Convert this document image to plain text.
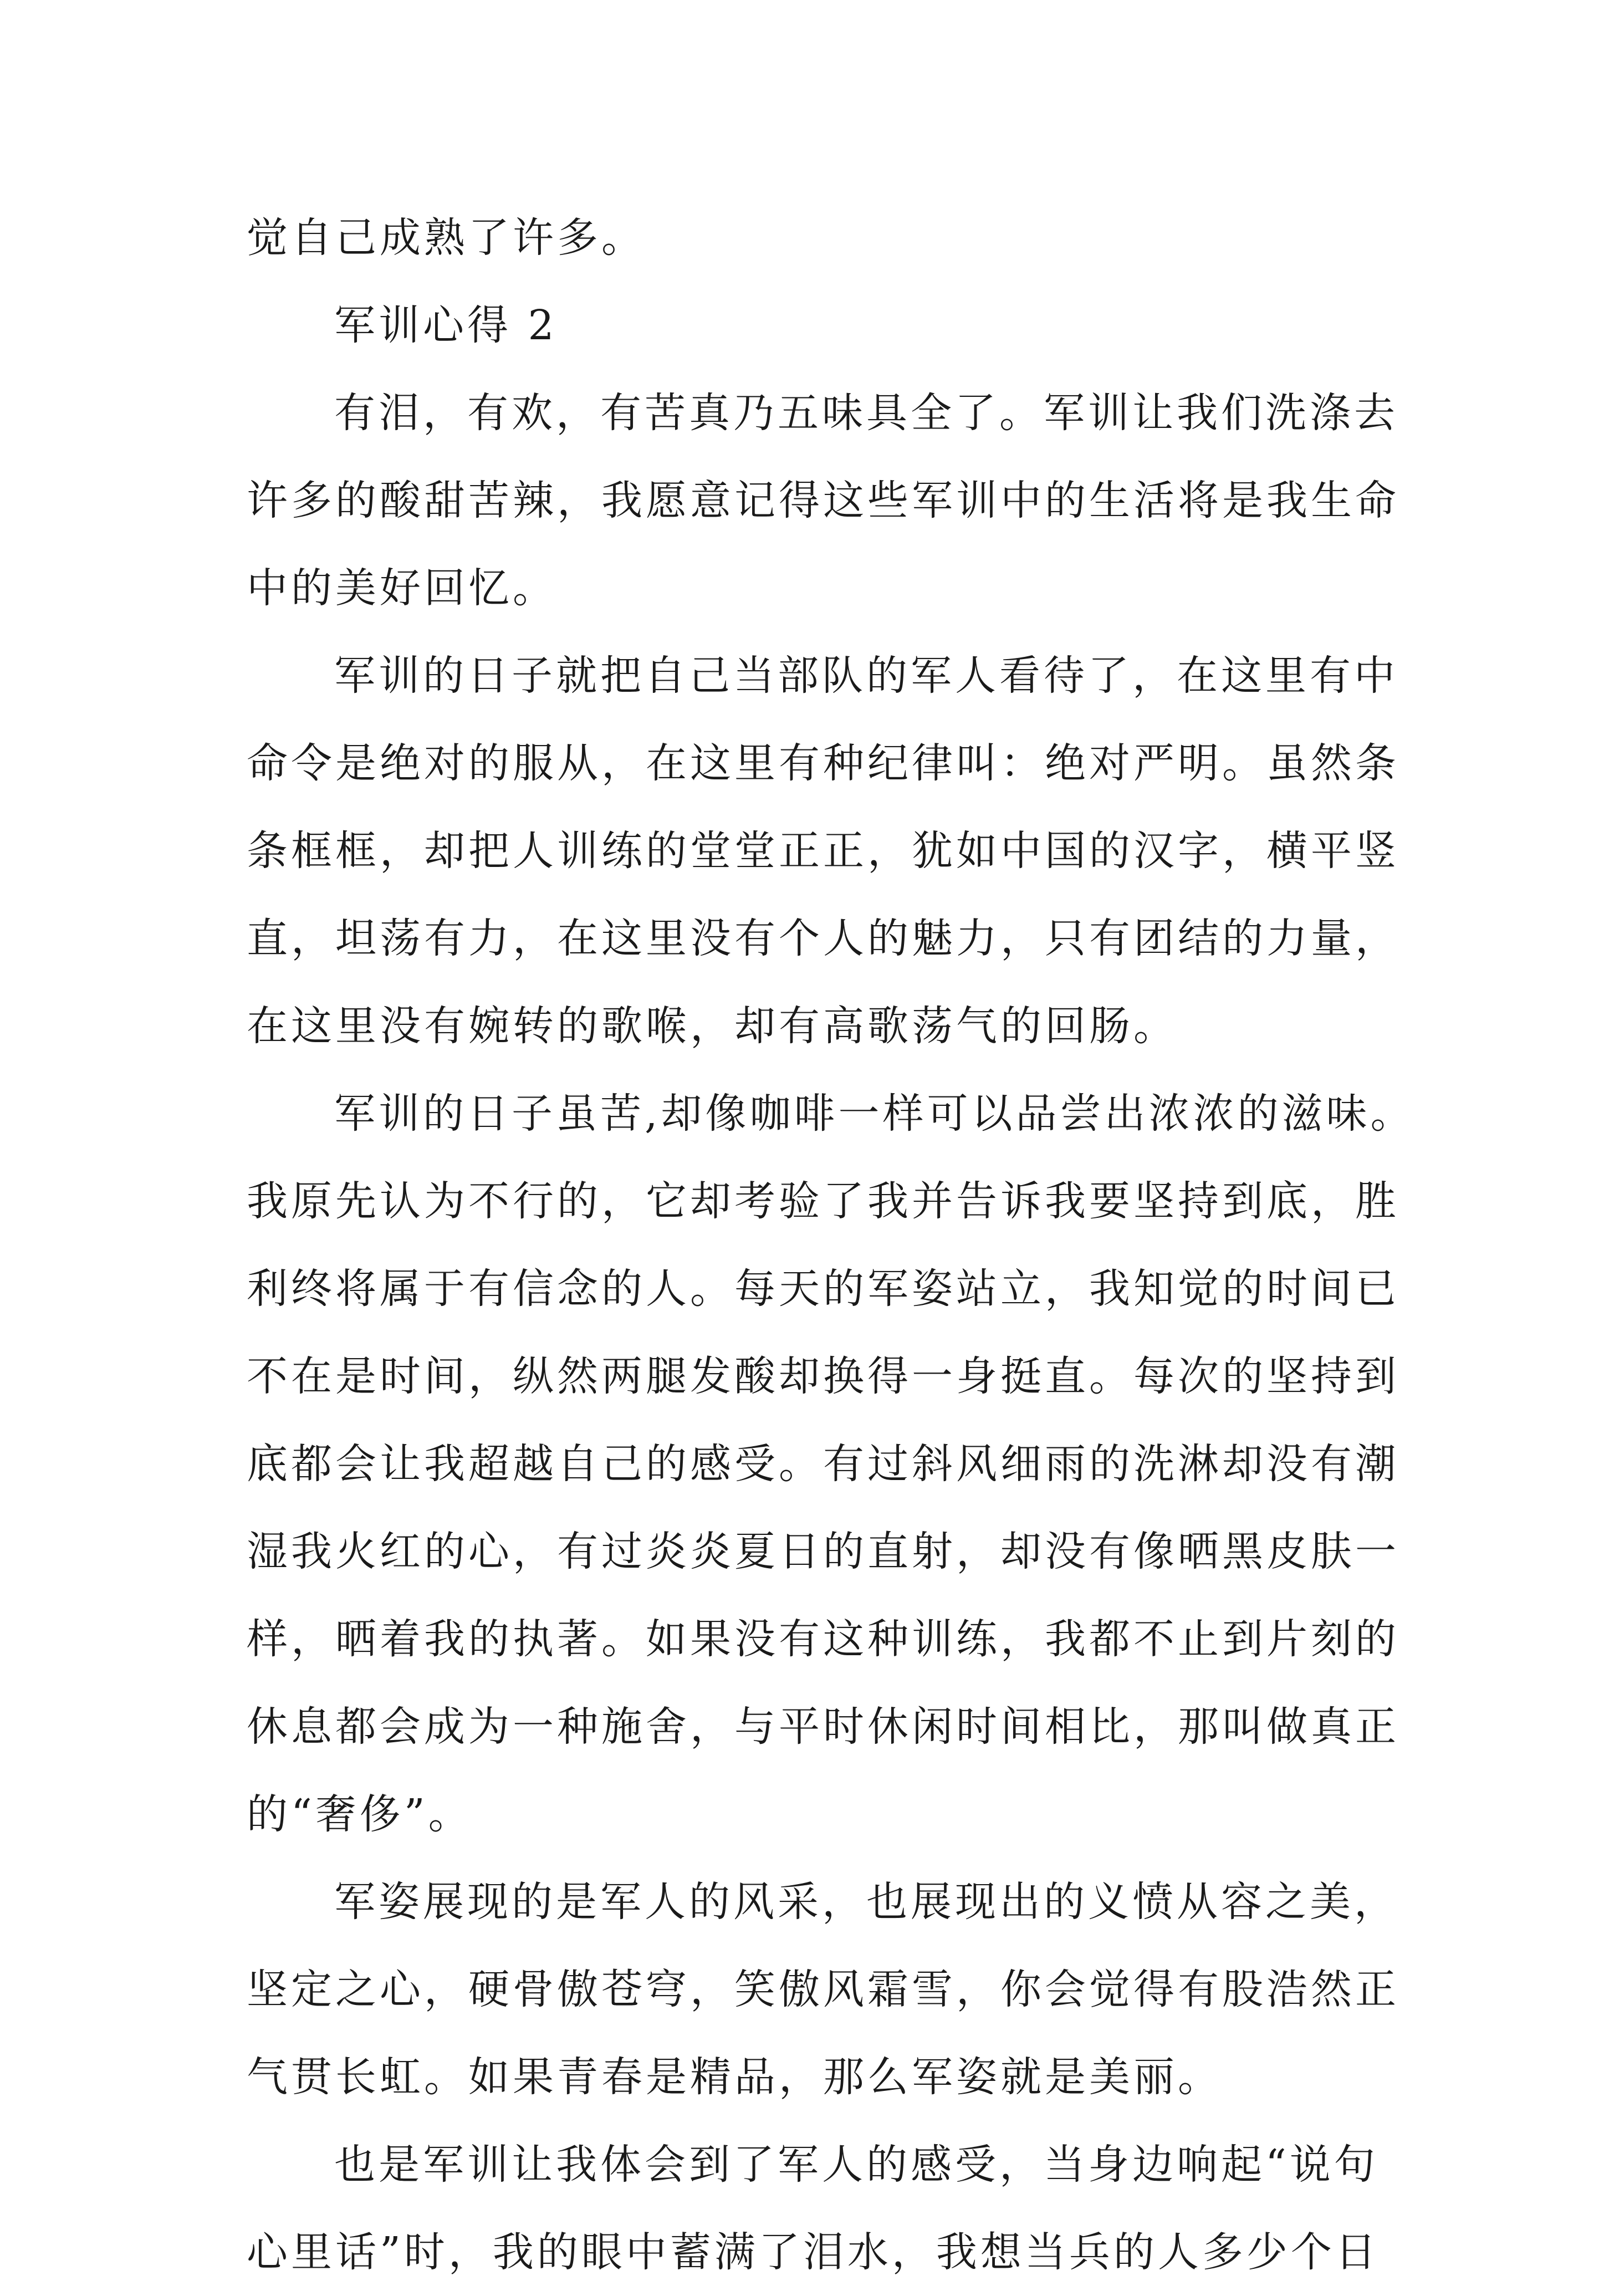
觉自己成熟了许多。
军训心得 2
有泪，有欢，有苦真乃五味具全了。军训让我们洗涤去
许多的酸甜苦辣，我愿意记得这些军训中的生活将是我生命
中的美好回忆。
军训的日子就把自己当部队的军人看待了，在这里有中
命令是绝对的服从，在这里有种纪律叫：绝对严明。虽然条
条框框，却把人训练的堂堂正正，犹如中国的汉字，横平竖
直，坦荡有力，在这里没有个人的魅力，只有团结的力量，
在这里没有婉转的歌喉，却有高歌荡气的回肠。
军训的日子虽苦,却像咖啡一样可以品尝出浓浓的滋味。
我原先认为不行的，它却考验了我并告诉我要坚持到底，胜
利终将属于有信念的人。每天的军姿站立，我知觉的时间已
不在是时间，纵然两腿发酸却换得一身挺直。每次的坚持到
底都会让我超越自己的感受。有过斜风细雨的洗淋却没有潮
湿我火红的心，有过炎炎夏日的直射，却没有像晒黑皮肤一
样，晒着我的执著。如果没有这种训练，我都不止到片刻的
休息都会成为一种施舍，与平时休闲时间相比，那叫做真正
的“奢侈”。
军姿展现的是军人的风采，也展现出的义愤从容之美，
坚定之心，硬骨傲苍穹，笑傲风霜雪，你会觉得有股浩然正
气贯长虹。如果青春是精品，那么军姿就是美丽。
也是军训让我体会到了军人的感受，当身边响起“说句
心里话”时，我的眼中蓄满了泪水，我想当兵的人多少个日
